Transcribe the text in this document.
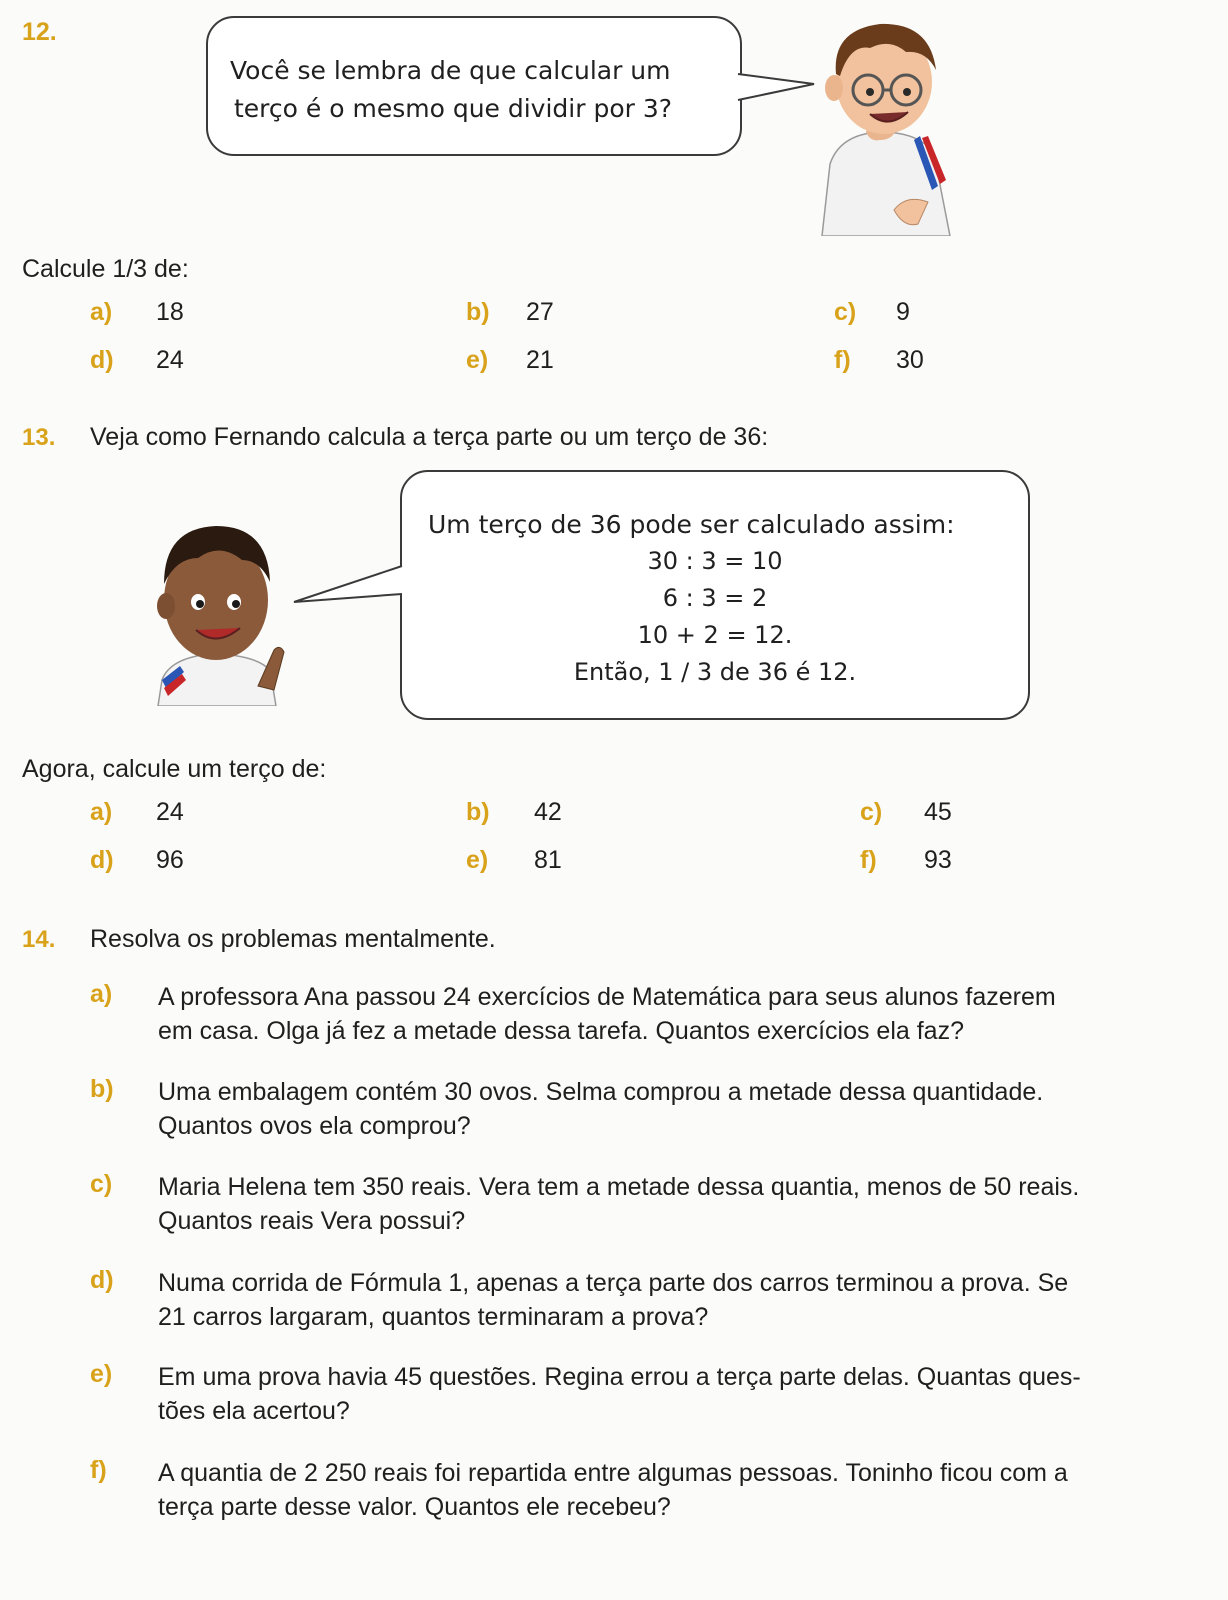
12.
Você se lembra de que calcular um
terço é o mesmo que dividir por 3?
Calcule 1/3 de:
a) 18	b) 27	c) 9
d) 24	e) 21	f) 30
13. Veja como Fernando calcula a terça parte ou um terço de 36:
Um terço de 36 pode ser calculado assim:
30 : 3 = 10
6 : 3 = 2
10 + 2 = 12.
Então, 1 / 3 de 36 é 12.
Agora, calcule um terço de:
a) 24	b) 42	c) 45
d) 96	e) 81	f) 93
14. Resolva os problemas mentalmente.
a) A professora Ana passou 24 exercícios de Matemática para seus alunos fazerem
em casa. Olga já fez a metade dessa tarefa. Quantos exercícios ela faz?
b) Uma embalagem contém 30 ovos. Selma comprou a metade dessa quantidade.
Quantos ovos ela comprou?
c) Maria Helena tem 350 reais. Vera tem a metade dessa quantia, menos de 50 reais.
Quantos reais Vera possui?
d) Numa corrida de Fórmula 1, apenas a terça parte dos carros terminou a prova. Se
21 carros largaram, quantos terminaram a prova?
e) Em uma prova havia 45 questões. Regina errou a terça parte delas. Quantas ques-
tões ela acertou?
f) A quantia de 2 250 reais foi repartida entre algumas pessoas. Toninho ficou com a
terça parte desse valor. Quantos ele recebeu?
